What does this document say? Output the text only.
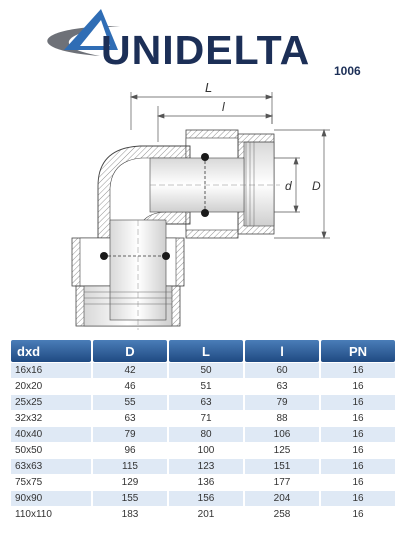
UNIDELTA 1006
L
l
d D
dxd	D	L	l	PN
16x16	42	50	60	16
20x20	46	51	63	16
25x25	55	63	79	16
32x32	63	71	88	16
40x40	79	80	106	16
50x50	96	100	125	16
63x63	115	123	151	16
75x75	129	136	177	16
90x90	155	156	204	16
110x110	183	201	258	16
